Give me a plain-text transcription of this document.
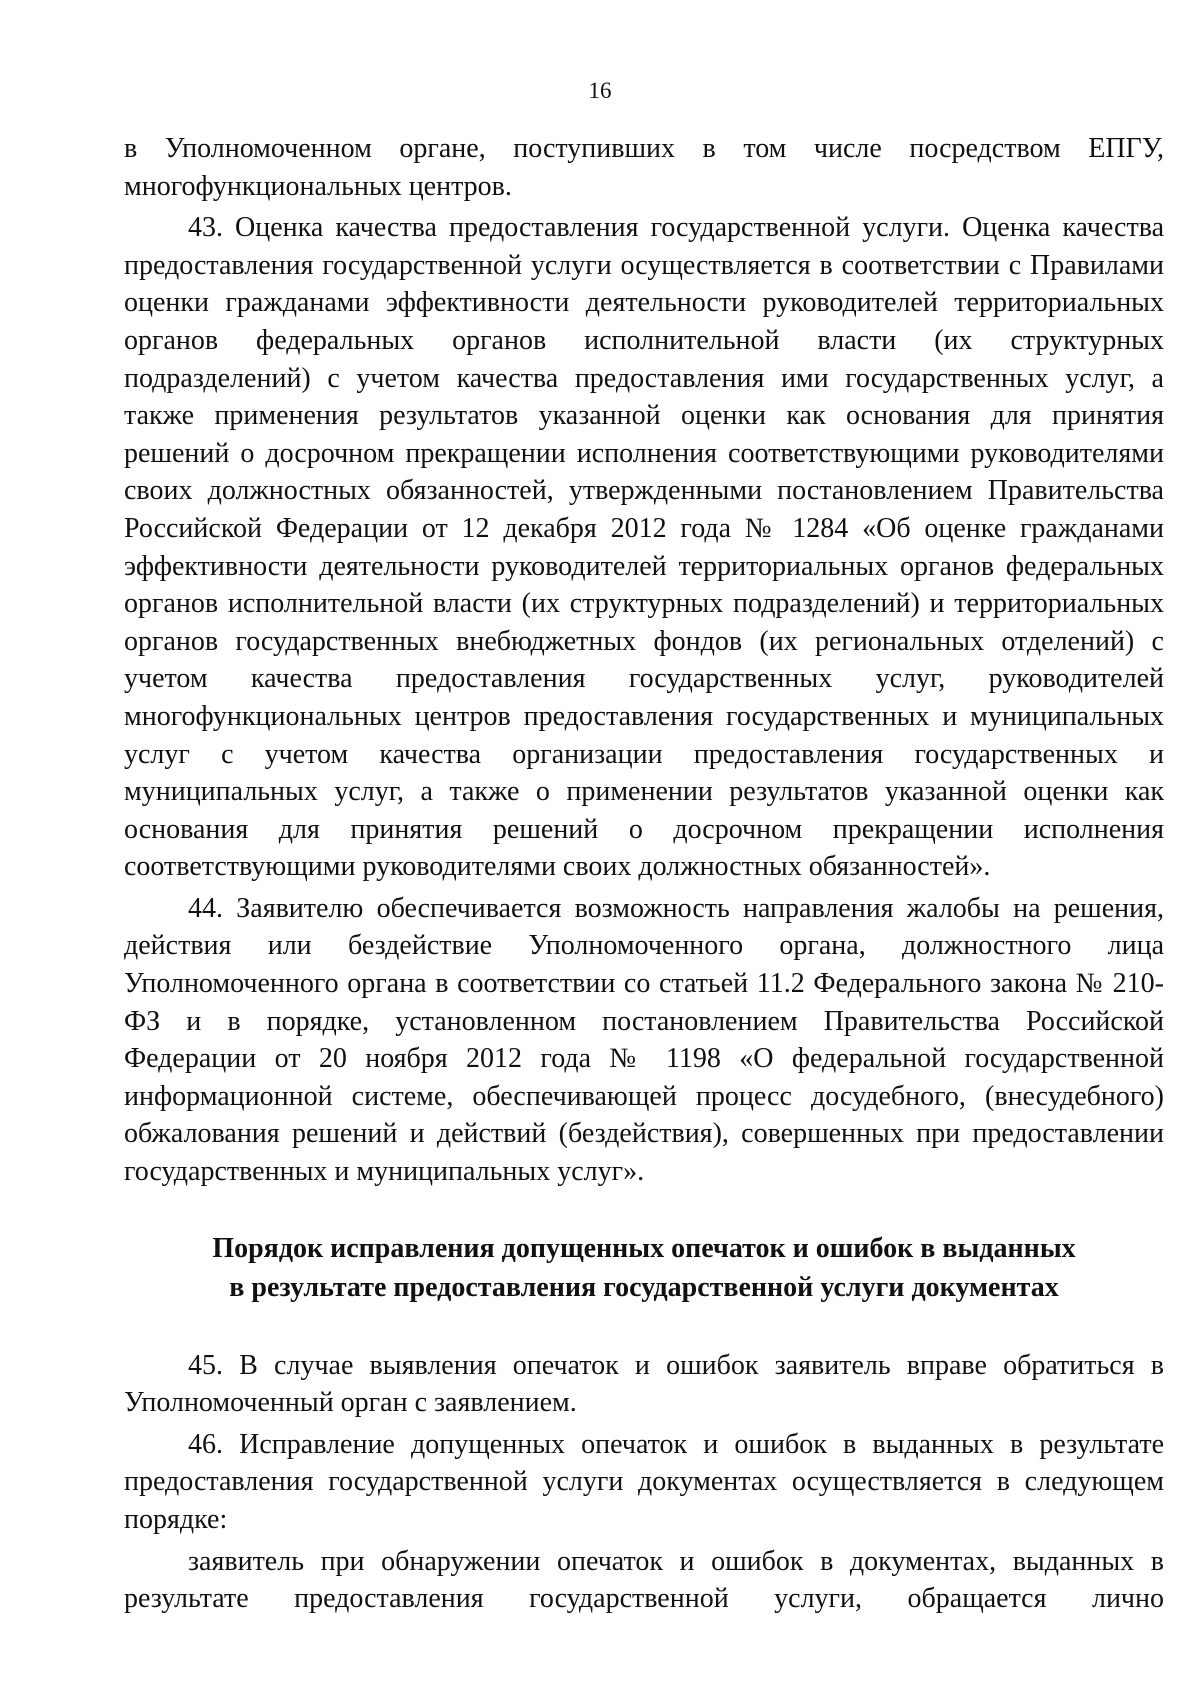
16

в Уполномоченном органе, поступивших в том числе посредством ЕПГУ, многофункциональных центров.

43. Оценка качества предоставления государственной услуги. Оценка качества предоставления государственной услуги осуществляется в соответствии с Правилами оценки гражданами эффективности деятельности руководителей территориальных органов федеральных органов исполнительной власти (их структурных подразделений) с учетом качества предоставления ими государственных услуг, а также применения результатов указанной оценки как основания для принятия решений о досрочном прекращении исполнения соответствующими руководителями своих должностных обязанностей, утвержденными постановлением Правительства Российской Федерации от 12 декабря 2012 года № 1284 «Об оценке гражданами эффективности деятельности руководителей территориальных органов федеральных органов исполнительной власти (их структурных подразделений) и территориальных органов государственных внебюджетных фондов (их региональных отделений) с учетом качества предоставления государственных услуг, руководителей многофункциональных центров предоставления государственных и муниципальных услуг с учетом качества организации предоставления государственных и муниципальных услуг, а также о применении результатов указанной оценки как основания для принятия решений о досрочном прекращении исполнения соответствующими руководителями своих должностных обязанностей».

44. Заявителю обеспечивается возможность направления жалобы на решения, действия или бездействие Уполномоченного органа, должностного лица Уполномоченного органа в соответствии со статьей 11.2 Федерального закона № 210-ФЗ и в порядке, установленном постановлением Правительства Российской Федерации от 20 ноября 2012 года № 1198 «О федеральной государственной информационной системе, обеспечивающей процесс досудебного, (внесудебного) обжалования решений и действий (бездействия), совершенных при предоставлении государственных и муниципальных услуг».

Порядок исправления допущенных опечаток и ошибок в выданных

в результате предоставления государственной услуги документах

45. В случае выявления опечаток и ошибок заявитель вправе обратиться в Уполномоченный орган с заявлением.

46. Исправление допущенных опечаток и ошибок в выданных в результате предоставления государственной услуги документах осуществляется в следующем порядке:

заявитель при обнаружении опечаток и ошибок в документах, выданных в результате предоставления государственной услуги, обращается лично
